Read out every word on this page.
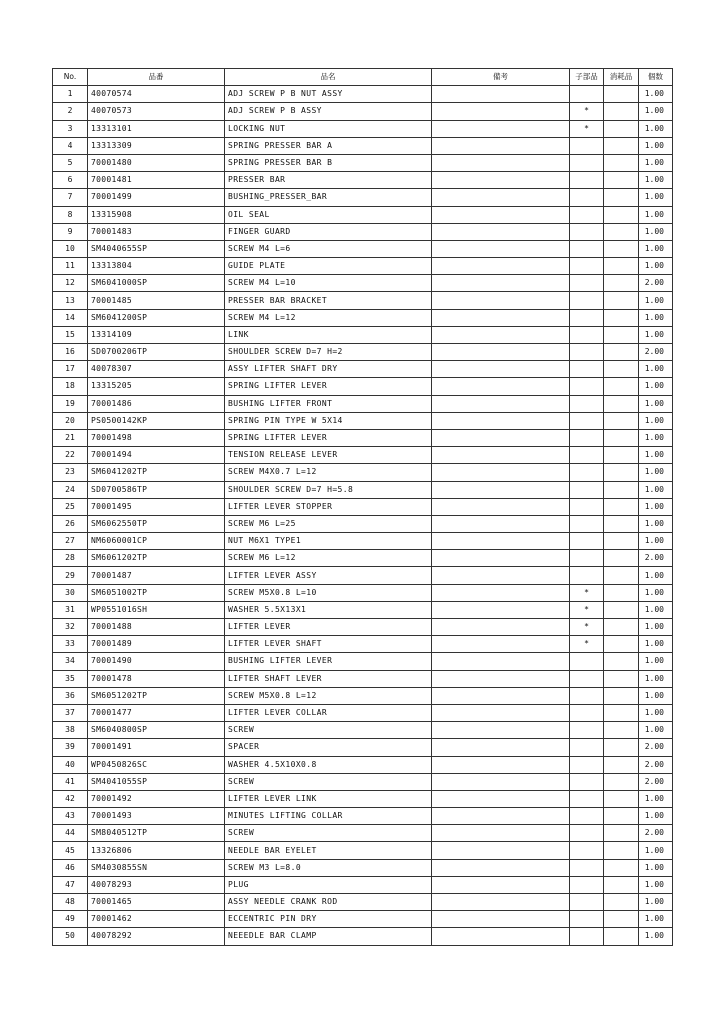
No.	品番	品名	備考	子部品	消耗品	個数
1	40070574	ADJ SCREW P B NUT ASSY				1.00
2	40070573	ADJ SCREW P B ASSY		*		1.00
3	13313101	LOCKING NUT		*		1.00
4	13313309	SPRING PRESSER BAR A				1.00
5	70001480	SPRING PRESSER BAR B				1.00
6	70001481	PRESSER BAR				1.00
7	70001499	BUSHING_PRESSER_BAR				1.00
8	13315908	OIL SEAL				1.00
9	70001483	FINGER GUARD				1.00
10	SM4040655SP	SCREW M4 L=6				1.00
11	13313804	GUIDE PLATE				1.00
12	SM6041000SP	SCREW M4 L=10				2.00
13	70001485	PRESSER BAR BRACKET				1.00
14	SM6041200SP	SCREW M4 L=12				1.00
15	13314109	LINK				1.00
16	SD0700206TP	SHOULDER SCREW D=7 H=2				2.00
17	40078307	ASSY LIFTER SHAFT DRY				1.00
18	13315205	SPRING LIFTER LEVER				1.00
19	70001486	BUSHING LIFTER FRONT				1.00
20	PS0500142KP	SPRING PIN TYPE W 5X14				1.00
21	70001498	SPRING LIFTER LEVER				1.00
22	70001494	TENSION RELEASE LEVER				1.00
23	SM6041202TP	SCREW M4X0.7 L=12				1.00
24	SD0700586TP	SHOULDER SCREW D=7 H=5.8				1.00
25	70001495	LIFTER LEVER STOPPER				1.00
26	SM6062550TP	SCREW M6 L=25				1.00
27	NM6060001CP	NUT M6X1 TYPE1				1.00
28	SM6061202TP	SCREW M6 L=12				2.00
29	70001487	LIFTER LEVER ASSY				1.00
30	SM6051002TP	SCREW M5X0.8 L=10		*		1.00
31	WP0551016SH	WASHER 5.5X13X1		*		1.00
32	70001488	LIFTER LEVER		*		1.00
33	70001489	LIFTER LEVER SHAFT		*		1.00
34	70001490	BUSHING LIFTER LEVER				1.00
35	70001478	LIFTER SHAFT LEVER				1.00
36	SM6051202TP	SCREW M5X0.8 L=12				1.00
37	70001477	LIFTER LEVER COLLAR				1.00
38	SM6040800SP	SCREW				1.00
39	70001491	SPACER				2.00
40	WP0450826SC	WASHER 4.5X10X0.8				2.00
41	SM4041055SP	SCREW				2.00
42	70001492	LIFTER LEVER LINK				1.00
43	70001493	MINUTES LIFTING COLLAR				1.00
44	SM8040512TP	SCREW				2.00
45	13326806	NEEDLE BAR EYELET				1.00
46	SM4030855SN	SCREW M3 L=8.0				1.00
47	40078293	PLUG				1.00
48	70001465	ASSY NEEDLE CRANK ROD				1.00
49	70001462	ECCENTRIC PIN DRY				1.00
50	40078292	NEEEDLE BAR CLAMP				1.00
